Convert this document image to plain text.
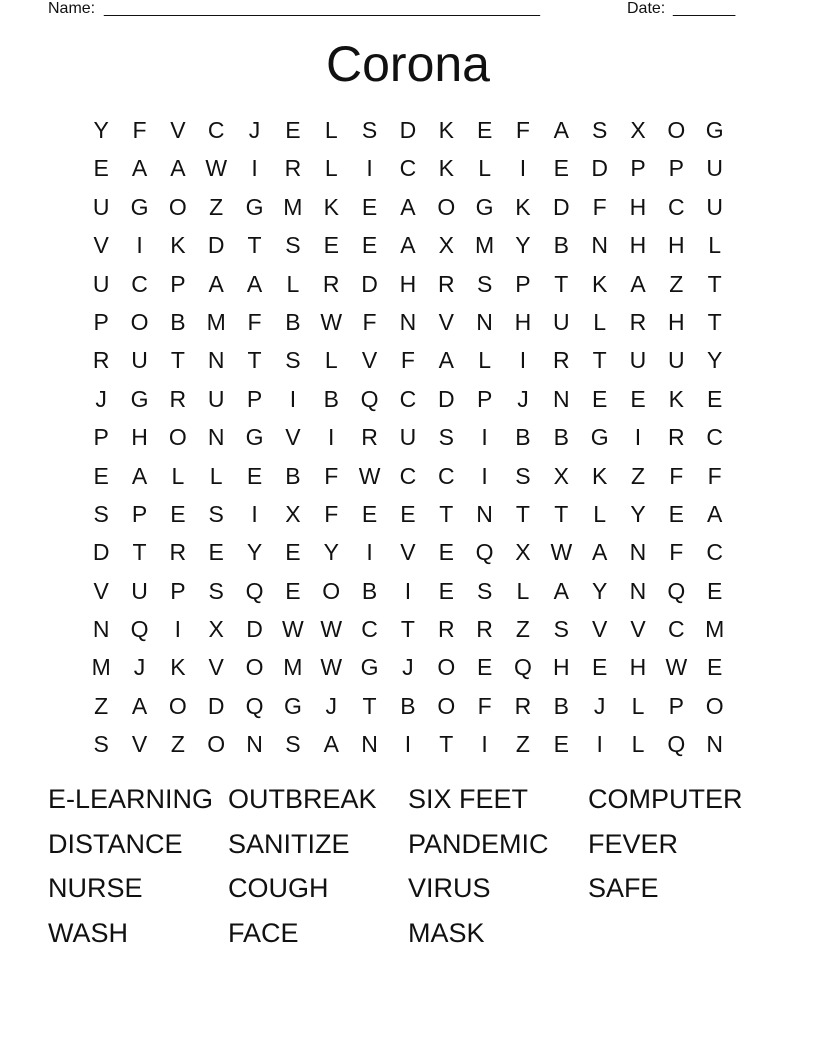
Name: _________________________________________________	Date: _______
Corona
Y	F	V C	J	E	L	S D K	E	F	A	S	X O G
E	A	A W	I	R	L	I	C K	L	I	E D P	P U
U G O Z G M K	E	A O G K D	F	H C U
V	I	K D	T	S	E	E	A	X M Y	B N H H	L
U C P	A	A	L	R D H R S	P	T	K	A	Z	T
P O B M F	B W F	N V N H U	L	R H	T
R U	T	N	T	S	L	V	F	A	L	I	R	T	U U Y
J	G R U P	I	B Q C D P	J	N E	E	K	E
P H O N G V	I	R U S	I	B	B G	I	R C
E	A	L	L	E	B	F W C C	I	S	X	K	Z	F	F
S	P	E	S	I	X	F	E	E	T	N	T	T	L	Y	E	A
D	T	R E	Y	E	Y	I	V	E Q X W A N	F	C
V U P	S Q E O B	I	E	S	L	A	Y N Q E
N Q	I	X D W W C	T	R R	Z	S	V	V C M
M	J	K	V O M W G	J	O E Q H E H W E
Z	A O D Q G	J	T	B O F	R B	J	L	P O
S	V	Z O N S	A N	I	T	I	Z	E	I	L	Q N
E-LEARNING OUTBREAK	SIX FEET	COMPUTER
DISTANCE	SANITIZE	PANDEMIC	FEVER
NURSE	COUGH	VIRUS	SAFE
WASH	FACE	MASK
